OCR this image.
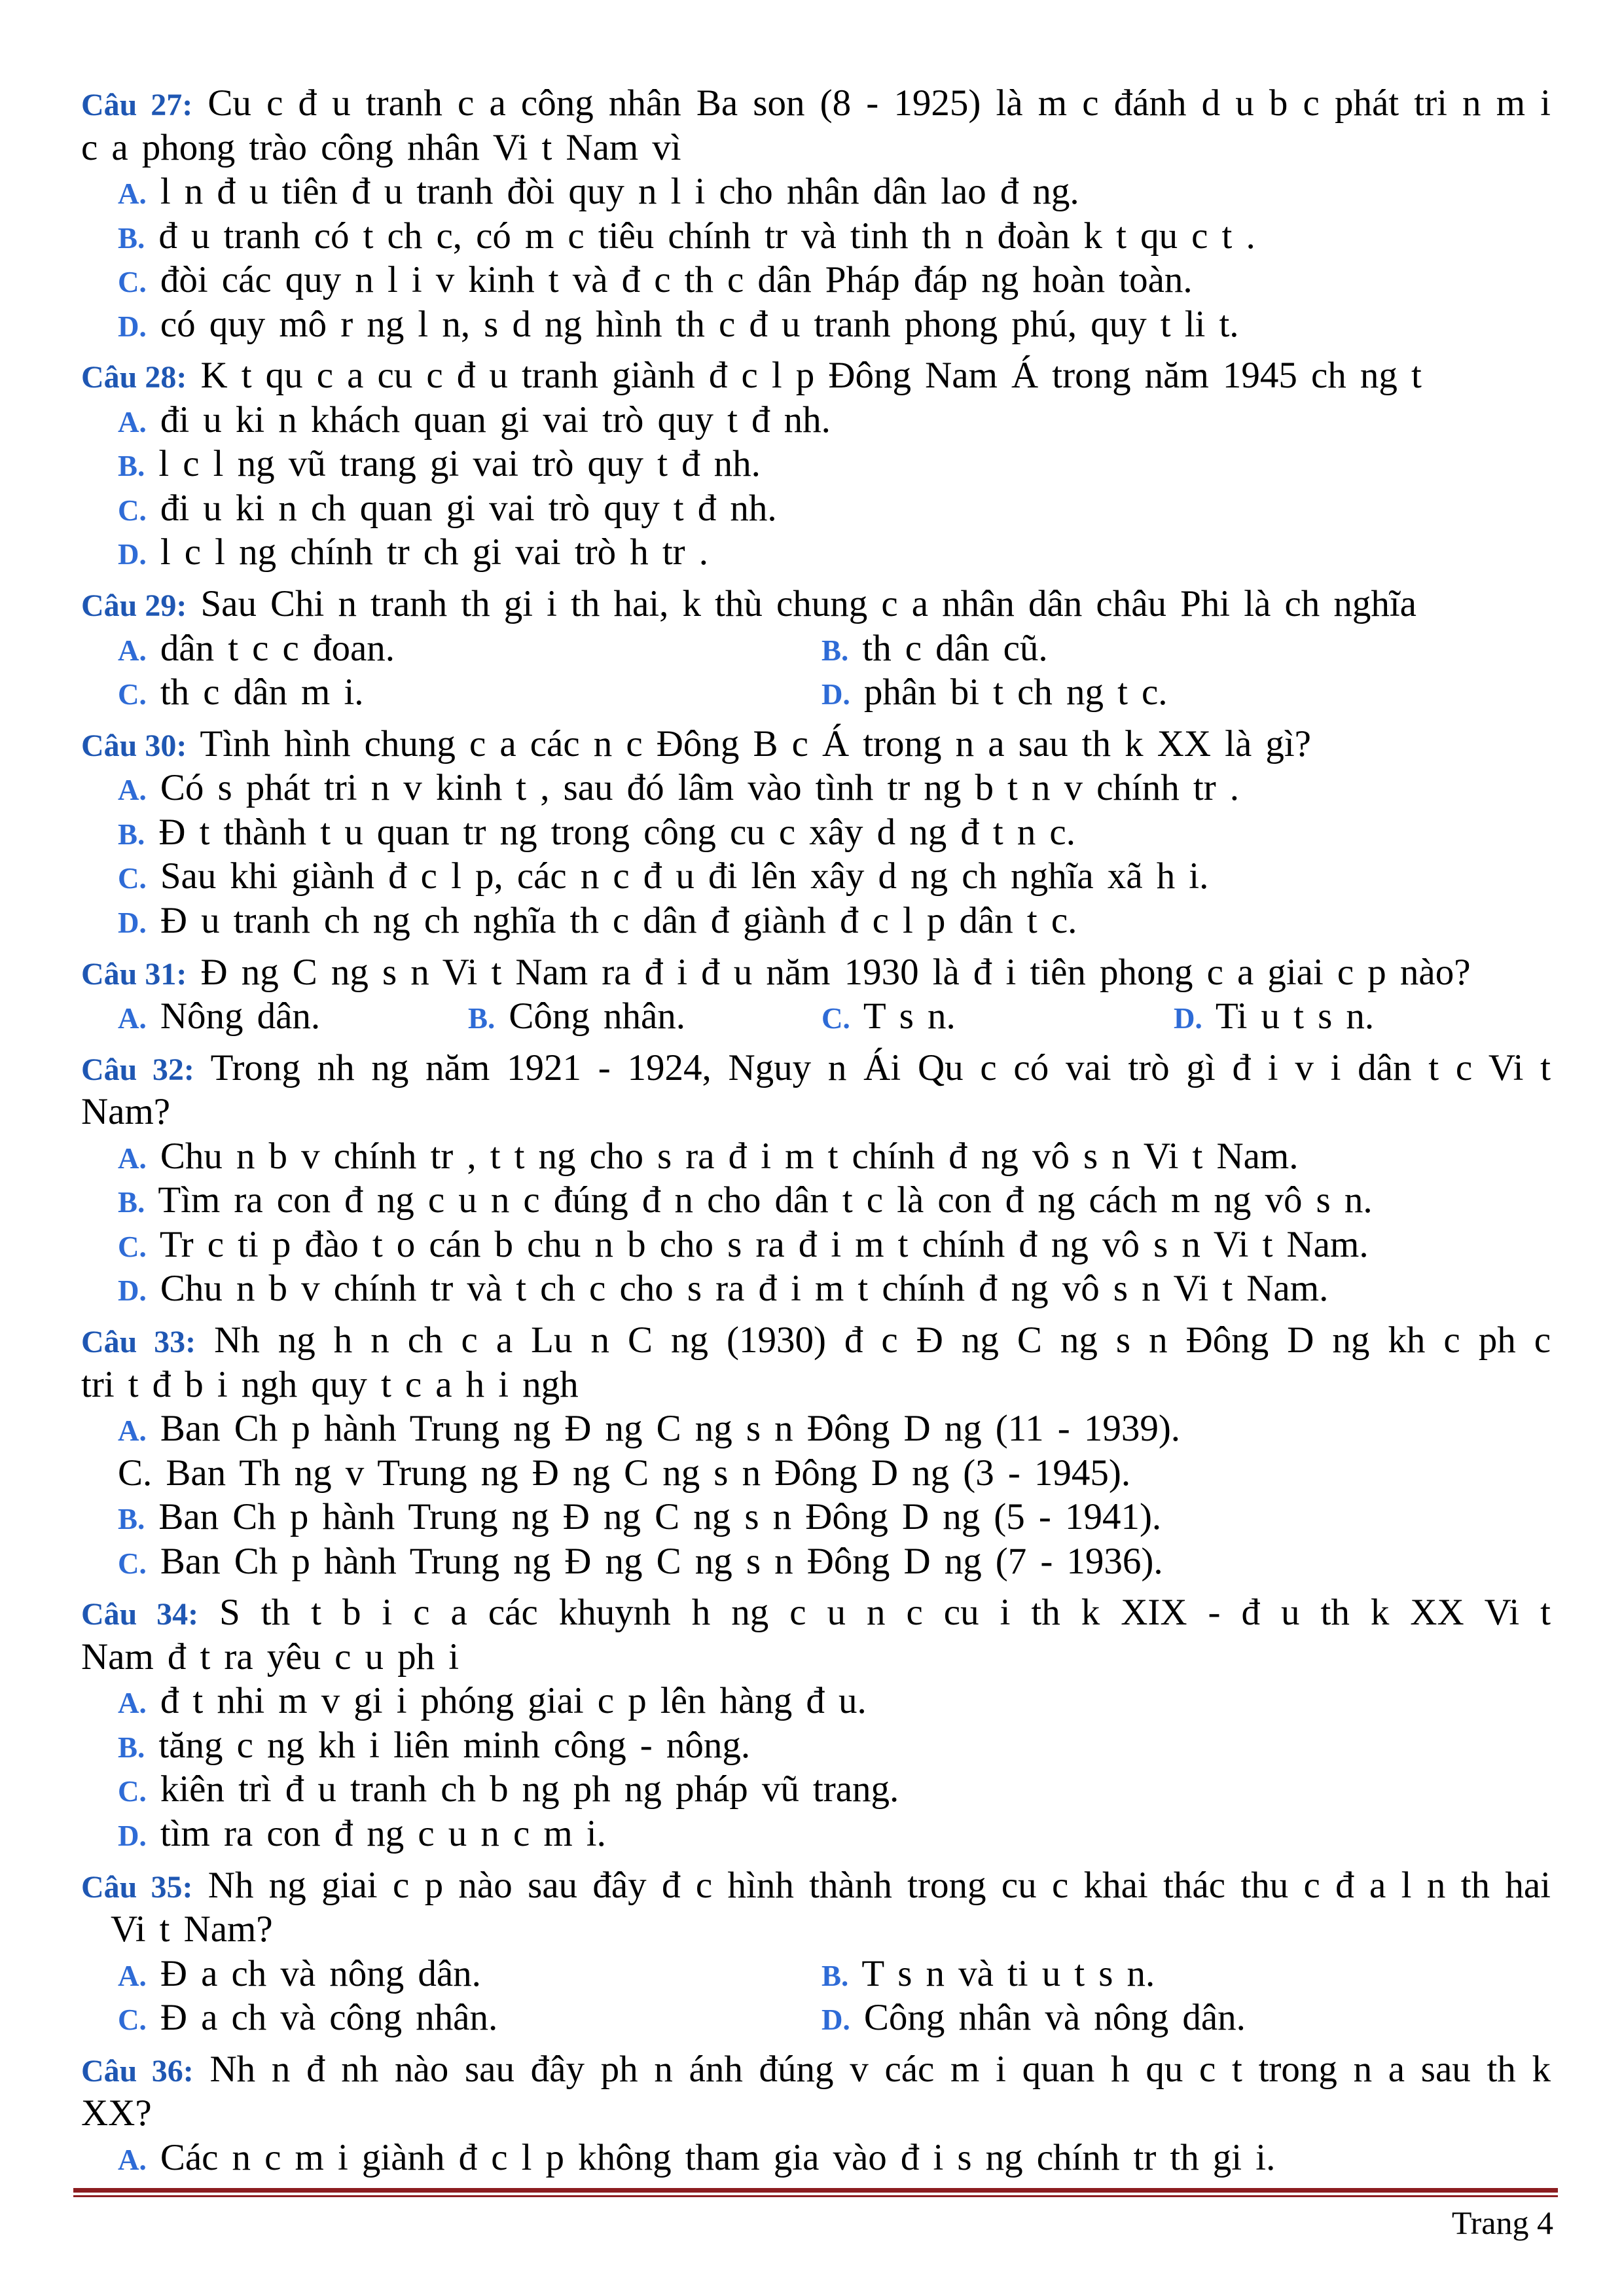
Câu 27: Cu c đ u tranh c a công nhân Ba son (8 - 1925) là m c đánh d u b c phát tri n m i
c a phong trào công nhân Vi t Nam vì
A. l n đ u tiên đ u tranh đòi quy n l i cho nhân dân lao đ ng.
B. đ u tranh có t ch c, có m c tiêu chính tr và tinh th n đoàn k t qu c t .
C. đòi các quy n l i v kinh t và đ c th c dân Pháp đáp ng hoàn toàn.
D. có quy mô r ng l n, s d ng hình th c đ u tranh phong phú, quy t li t.
Câu 28: K t qu c a cu c đ u tranh giành đ c l p Đông Nam Á trong năm 1945 ch ng t
A. đi u ki n khách quan gi vai trò quy t đ nh.
B. l c l ng vũ trang gi vai trò quy t đ nh.
C. đi u ki n ch quan gi vai trò quy t đ nh.
D. l c l ng chính tr ch gi vai trò h tr .
Câu 29: Sau Chi n tranh th gi i th hai, k thù chung c a nhân dân châu Phi là ch nghĩa
A. dân t c c đoan.	B. th c dân cũ.
C. th c dân m i.	D. phân bi t ch ng t c.
Câu 30: Tình hình chung c a các n c Đông B c Á trong n a sau th k XX là gì?
A. Có s phát tri n v kinh t , sau đó lâm vào tình tr ng b t n v chính tr .
B. Đ t thành t u quan tr ng trong công cu c xây d ng đ t n c.
C. Sau khi giành đ c l p, các n c đ u đi lên xây d ng ch nghĩa xã h i.
D. Đ u tranh ch ng ch nghĩa th c dân đ giành đ c l p dân t c.
Câu 31: Đ ng C ng s n Vi t Nam ra đ i đ u năm 1930 là đ i tiên phong c a giai c p nào?
A. Nông dân.	B. Công nhân.	C. T s n.	D. Ti u t s n.
Câu 32: Trong nh ng năm 1921 - 1924, Nguy n Ái Qu c có vai trò gì đ i v i dân t c Vi t
Nam?
A. Chu n b v chính tr , t t ng cho s ra đ i m t chính đ ng vô s n Vi t Nam.
B. Tìm ra con đ ng c u n c đúng đ n cho dân t c là con đ ng cách m ng vô s n.
C. Tr c ti p đào t o cán b chu n b cho s ra đ i m t chính đ ng vô s n Vi t Nam.
D. Chu n b v chính tr và t ch c cho s ra đ i m t chính đ ng vô s n Vi t Nam.
Câu 33: Nh ng h n ch c a Lu n C ng (1930) đ c Đ ng C ng s n Đông D ng kh c ph c
tri t đ b i ngh quy t c a h i ngh
A. Ban Ch p hành Trung ng Đ ng C ng s n Đông D ng (11 - 1939).
C. Ban Th ng v Trung ng Đ ng C ng s n Đông D ng (3 - 1945).
B. Ban Ch p hành Trung ng Đ ng C ng s n Đông D ng (5 - 1941).
C. Ban Ch p hành Trung ng Đ ng C ng s n Đông D ng (7 - 1936).
Câu 34: S th t b i c a các khuynh h ng c u n c cu i th k XIX - đ u th k XX Vi t
Nam đ t ra yêu c u ph i
A. đ t nhi m v gi i phóng giai c p lên hàng đ u.
B. tăng c ng kh i liên minh công - nông.
C. kiên trì đ u tranh ch b ng ph ng pháp vũ trang.
D. tìm ra con đ ng c u n c m i.
Câu 35: Nh ng giai c p nào sau đây đ c hình thành trong cu c khai thác thu c đ a l n th hai
Vi t Nam?
A. Đ a ch và nông dân.	B. T s n và ti u t s n.
C. Đ a ch và công nhân.	D. Công nhân và nông dân.
Câu 36: Nh n đ nh nào sau đây ph n ánh đúng v các m i quan h qu c t trong n a sau th k
XX?
A. Các n c m i giành đ c l p không tham gia vào đ i s ng chính tr th gi i.
Trang 4
